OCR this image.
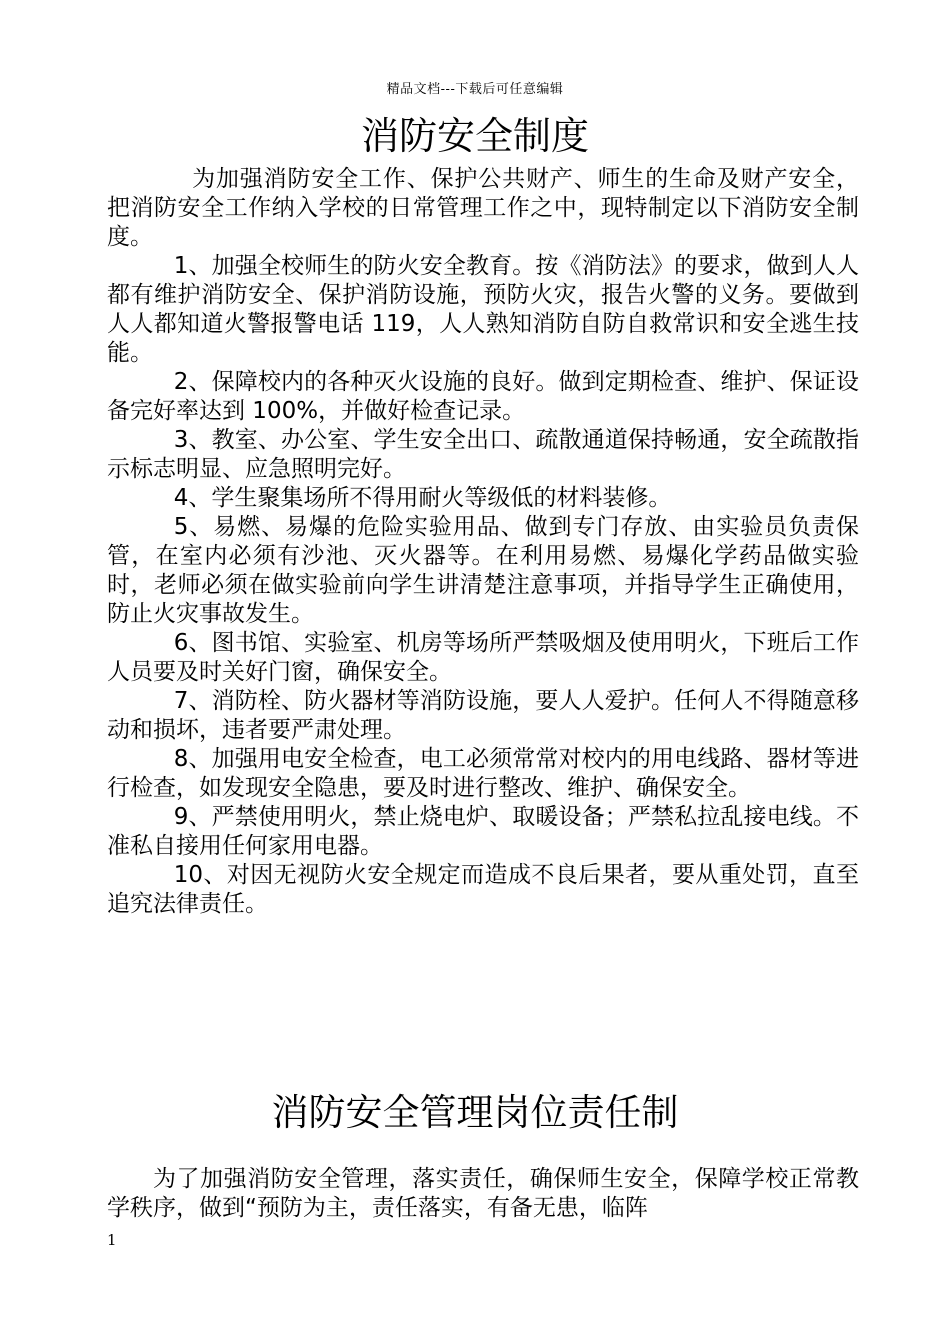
精品文档---下载后可任意编辑
消防安全制度

为加强消防安全工作、保护公共财产、师生的生命及财产安全，把消防安全工作纳入学校的日常管理工作之中，现特制定以下消防安全制度。

1、加强全校师生的防火安全教育。按《消防法》的要求，做到人人都有维护消防安全、保护消防设施，预防火灾，报告火警的义务。要做到人人都知道火警报警电话 119，人人熟知消防自防自救常识和安全逃生技能。

2、保障校内的各种灭火设施的良好。做到定期检查、维护、保证设备完好率达到 100%，并做好检查记录。

3、教室、办公室、学生安全出口、疏散通道保持畅通，安全疏散指示标志明显、应急照明完好。

4、学生聚集场所不得用耐火等级低的材料装修。

5、易燃、易爆的危险实验用品、做到专门存放、由实验员负责保管，在室内必须有沙池、灭火器等。在利用易燃、易爆化学药品做实验时，老师必须在做实验前向学生讲清楚注意事项，并指导学生正确使用，防止火灾事故发生。

6、图书馆、实验室、机房等场所严禁吸烟及使用明火，下班后工作人员要及时关好门窗，确保安全。

7、消防栓、防火器材等消防设施，要人人爱护。任何人不得随意移动和损坏，违者要严肃处理。

8、加强用电安全检查，电工必须常常对校内的用电线路、器材等进行检查，如发现安全隐患，要及时进行整改、维护、确保安全。

9、严禁使用明火，禁止烧电炉、取暖设备；严禁私拉乱接电线。不准私自接用任何家用电器。

10、对因无视防火安全规定而造成不良后果者，要从重处罚，直至追究法律责任。

消防安全管理岗位责任制

为了加强消防安全管理，落实责任，确保师生安全，保障学校正常教学秩序，做到“预防为主，责任落实，有备无患，临阵

1
